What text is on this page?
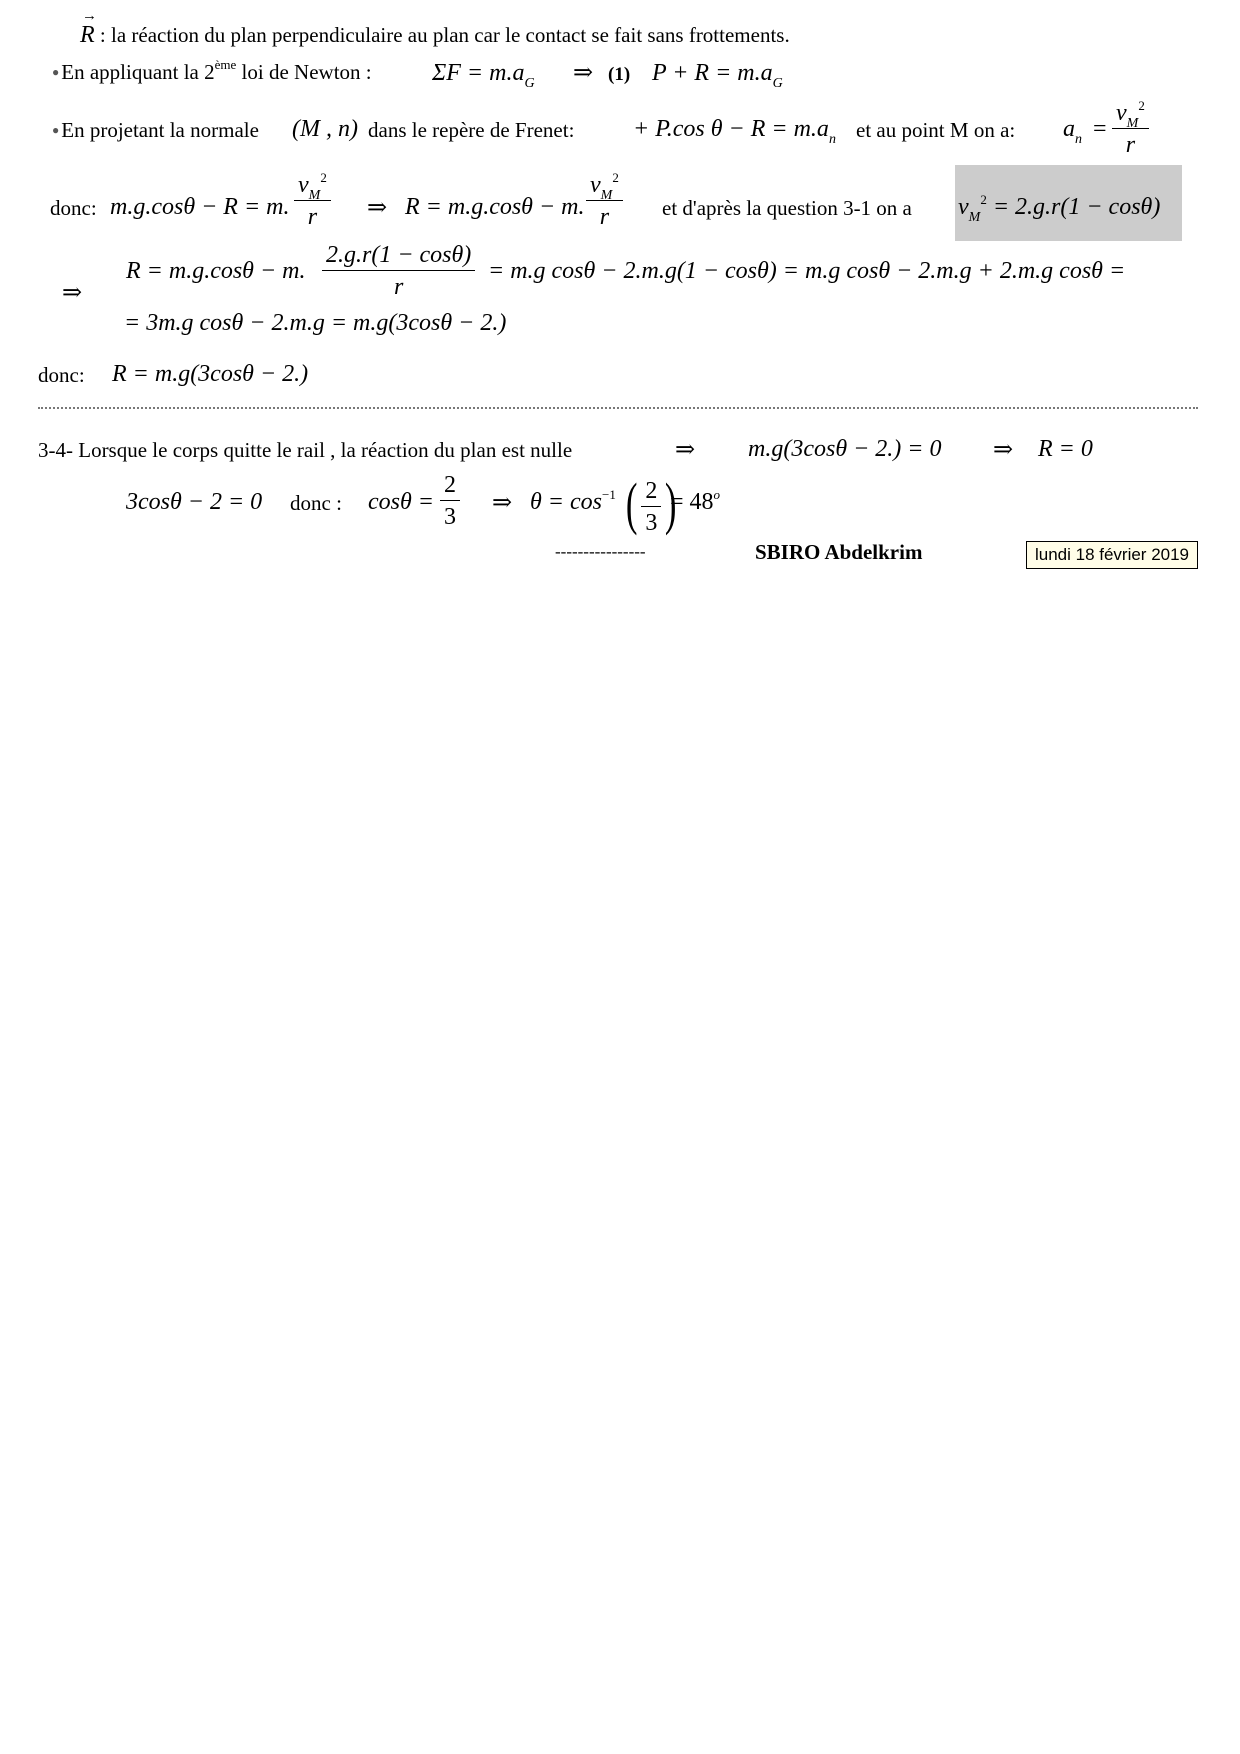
→ R : la réaction du plan perpendiculaire au plan car le contact se fait sans frottements.
●En appliquant la 2ème loi de Newton :	$\Sigma F = m.a_G$ ⇒ (1) $P + R = m.a_G$
●En projetant la normale (M , n) dans le repère de Frenet: + P.cos $\theta - R = m.a_n$ et au point M on a: $a_n = \frac{v_M^2}{r}$
donc: m.g.cosθ − R = m. $\frac{v_M^2}{r}$ ⇒ R = m.g.cosθ − m. $\frac{v_M^2}{r}$ et d'après la question 3-1 on a $v_M^2 = 2.g.r(1 - \cos\theta)$
⇒
R = m.g.cosθ − m. $\frac{2.g.r(1 - \cos\theta)}{r} = m.g$ cosθ − 2.m.g(1 − cosθ) = m.g cosθ − 2.m.g + 2.m.g cosθ =
= 3m.g cosθ − 2.m.g = m.g(3cosθ − 2.)
donc: R = m.g(3cosθ − 2.)
3-4- Lorsque le corps quitte le rail , la réaction du plan est nulle	⇒ m.g(3cosθ − 2.) = 0 ⇒ R = 0
3cosθ − 2 = 0 donc : $\cos\theta = \frac{2}{3}$ ⇒ $\theta = \cos^{-1}$ ( $\frac{2}{3}$ )
= $48^o$
----------------	SBIRO Abdelkrim	lundi 18 février 2019
